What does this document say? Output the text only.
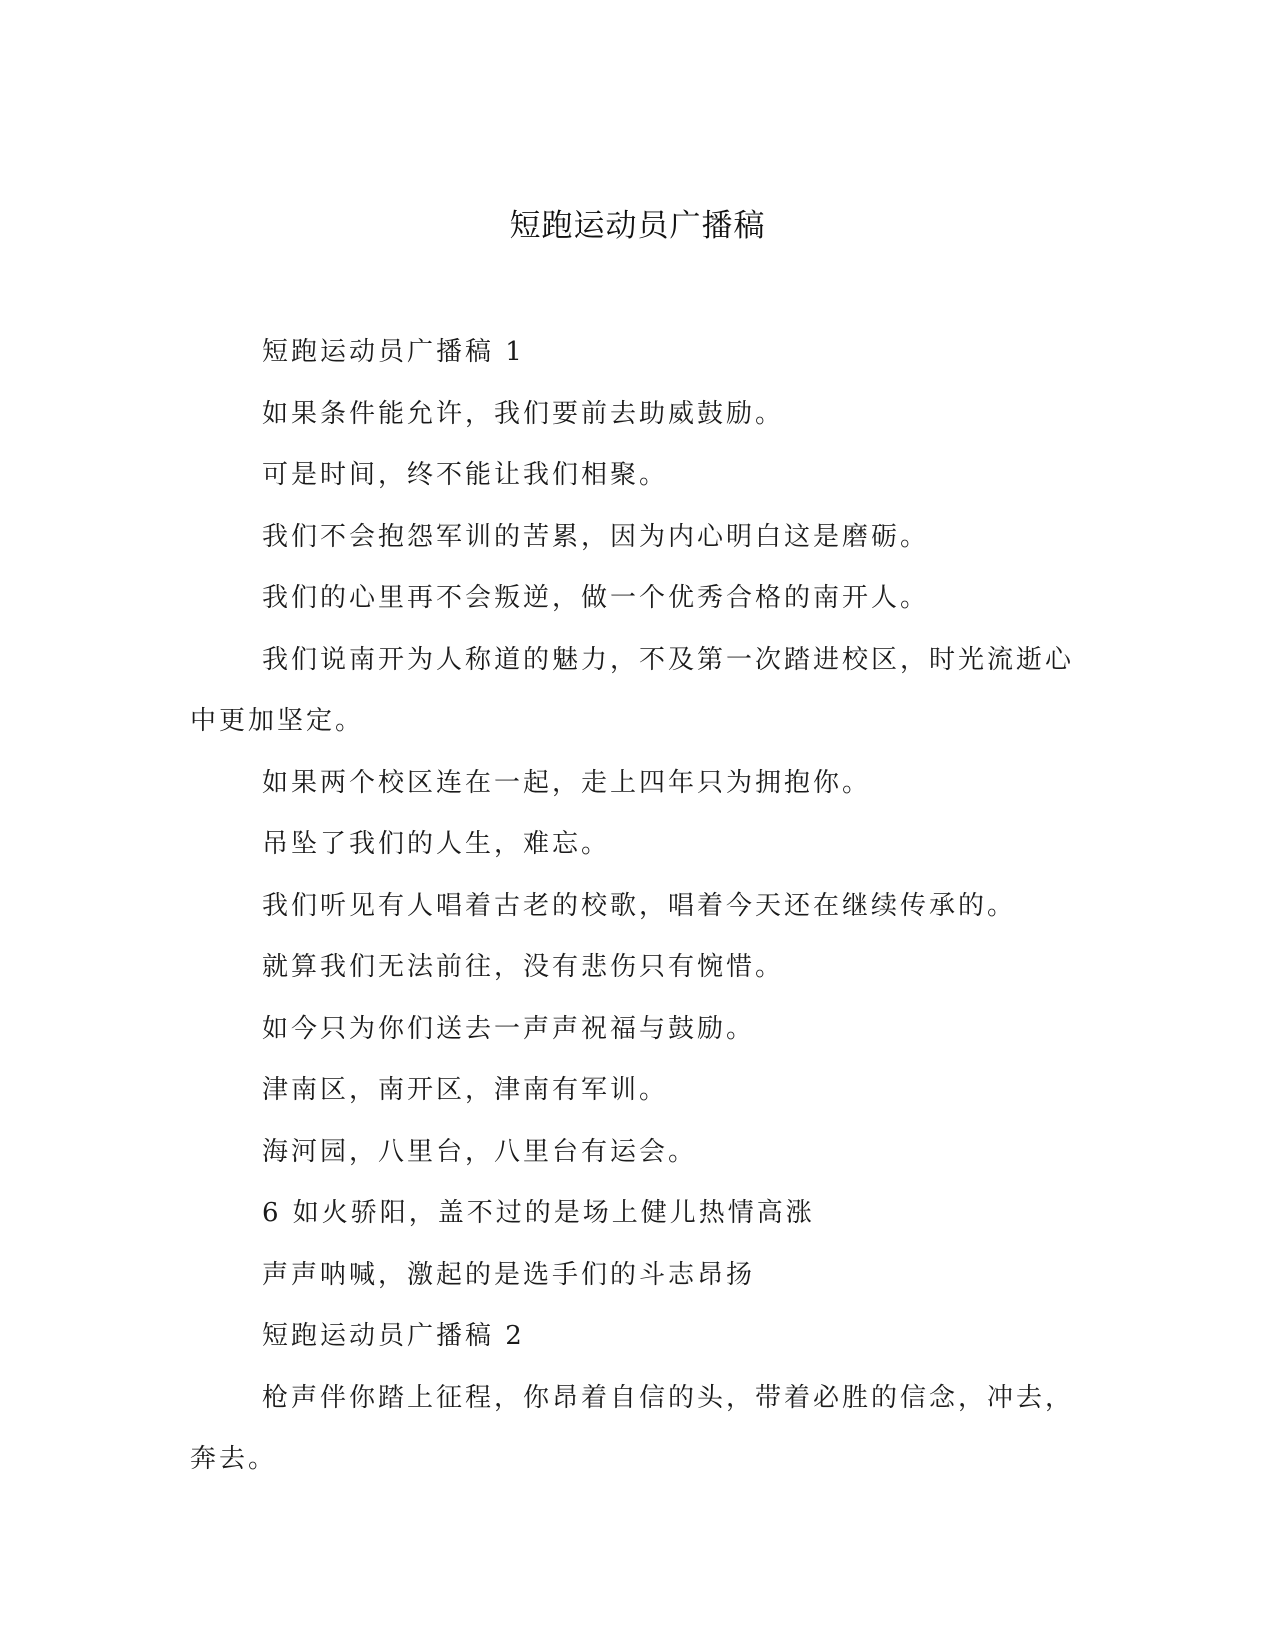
短跑运动员广播稿

短跑运动员广播稿 1

如果条件能允许，我们要前去助威鼓励。

可是时间，终不能让我们相聚。

我们不会抱怨军训的苦累，因为内心明白这是磨砺。

我们的心里再不会叛逆，做一个优秀合格的南开人。

我们说南开为人称道的魅力，不及第一次踏进校区，时光流逝心中更加坚定。

如果两个校区连在一起，走上四年只为拥抱你。

吊坠了我们的人生，难忘。

我们听见有人唱着古老的校歌，唱着今天还在继续传承的。

就算我们无法前往，没有悲伤只有惋惜。

如今只为你们送去一声声祝福与鼓励。

津南区，南开区，津南有军训。

海河园，八里台，八里台有运会。

6 如火骄阳，盖不过的是场上健儿热情高涨

声声呐喊，激起的是选手们的斗志昂扬

短跑运动员广播稿 2

枪声伴你踏上征程，你昂着自信的头，带着必胜的信念，冲去，奔去。
